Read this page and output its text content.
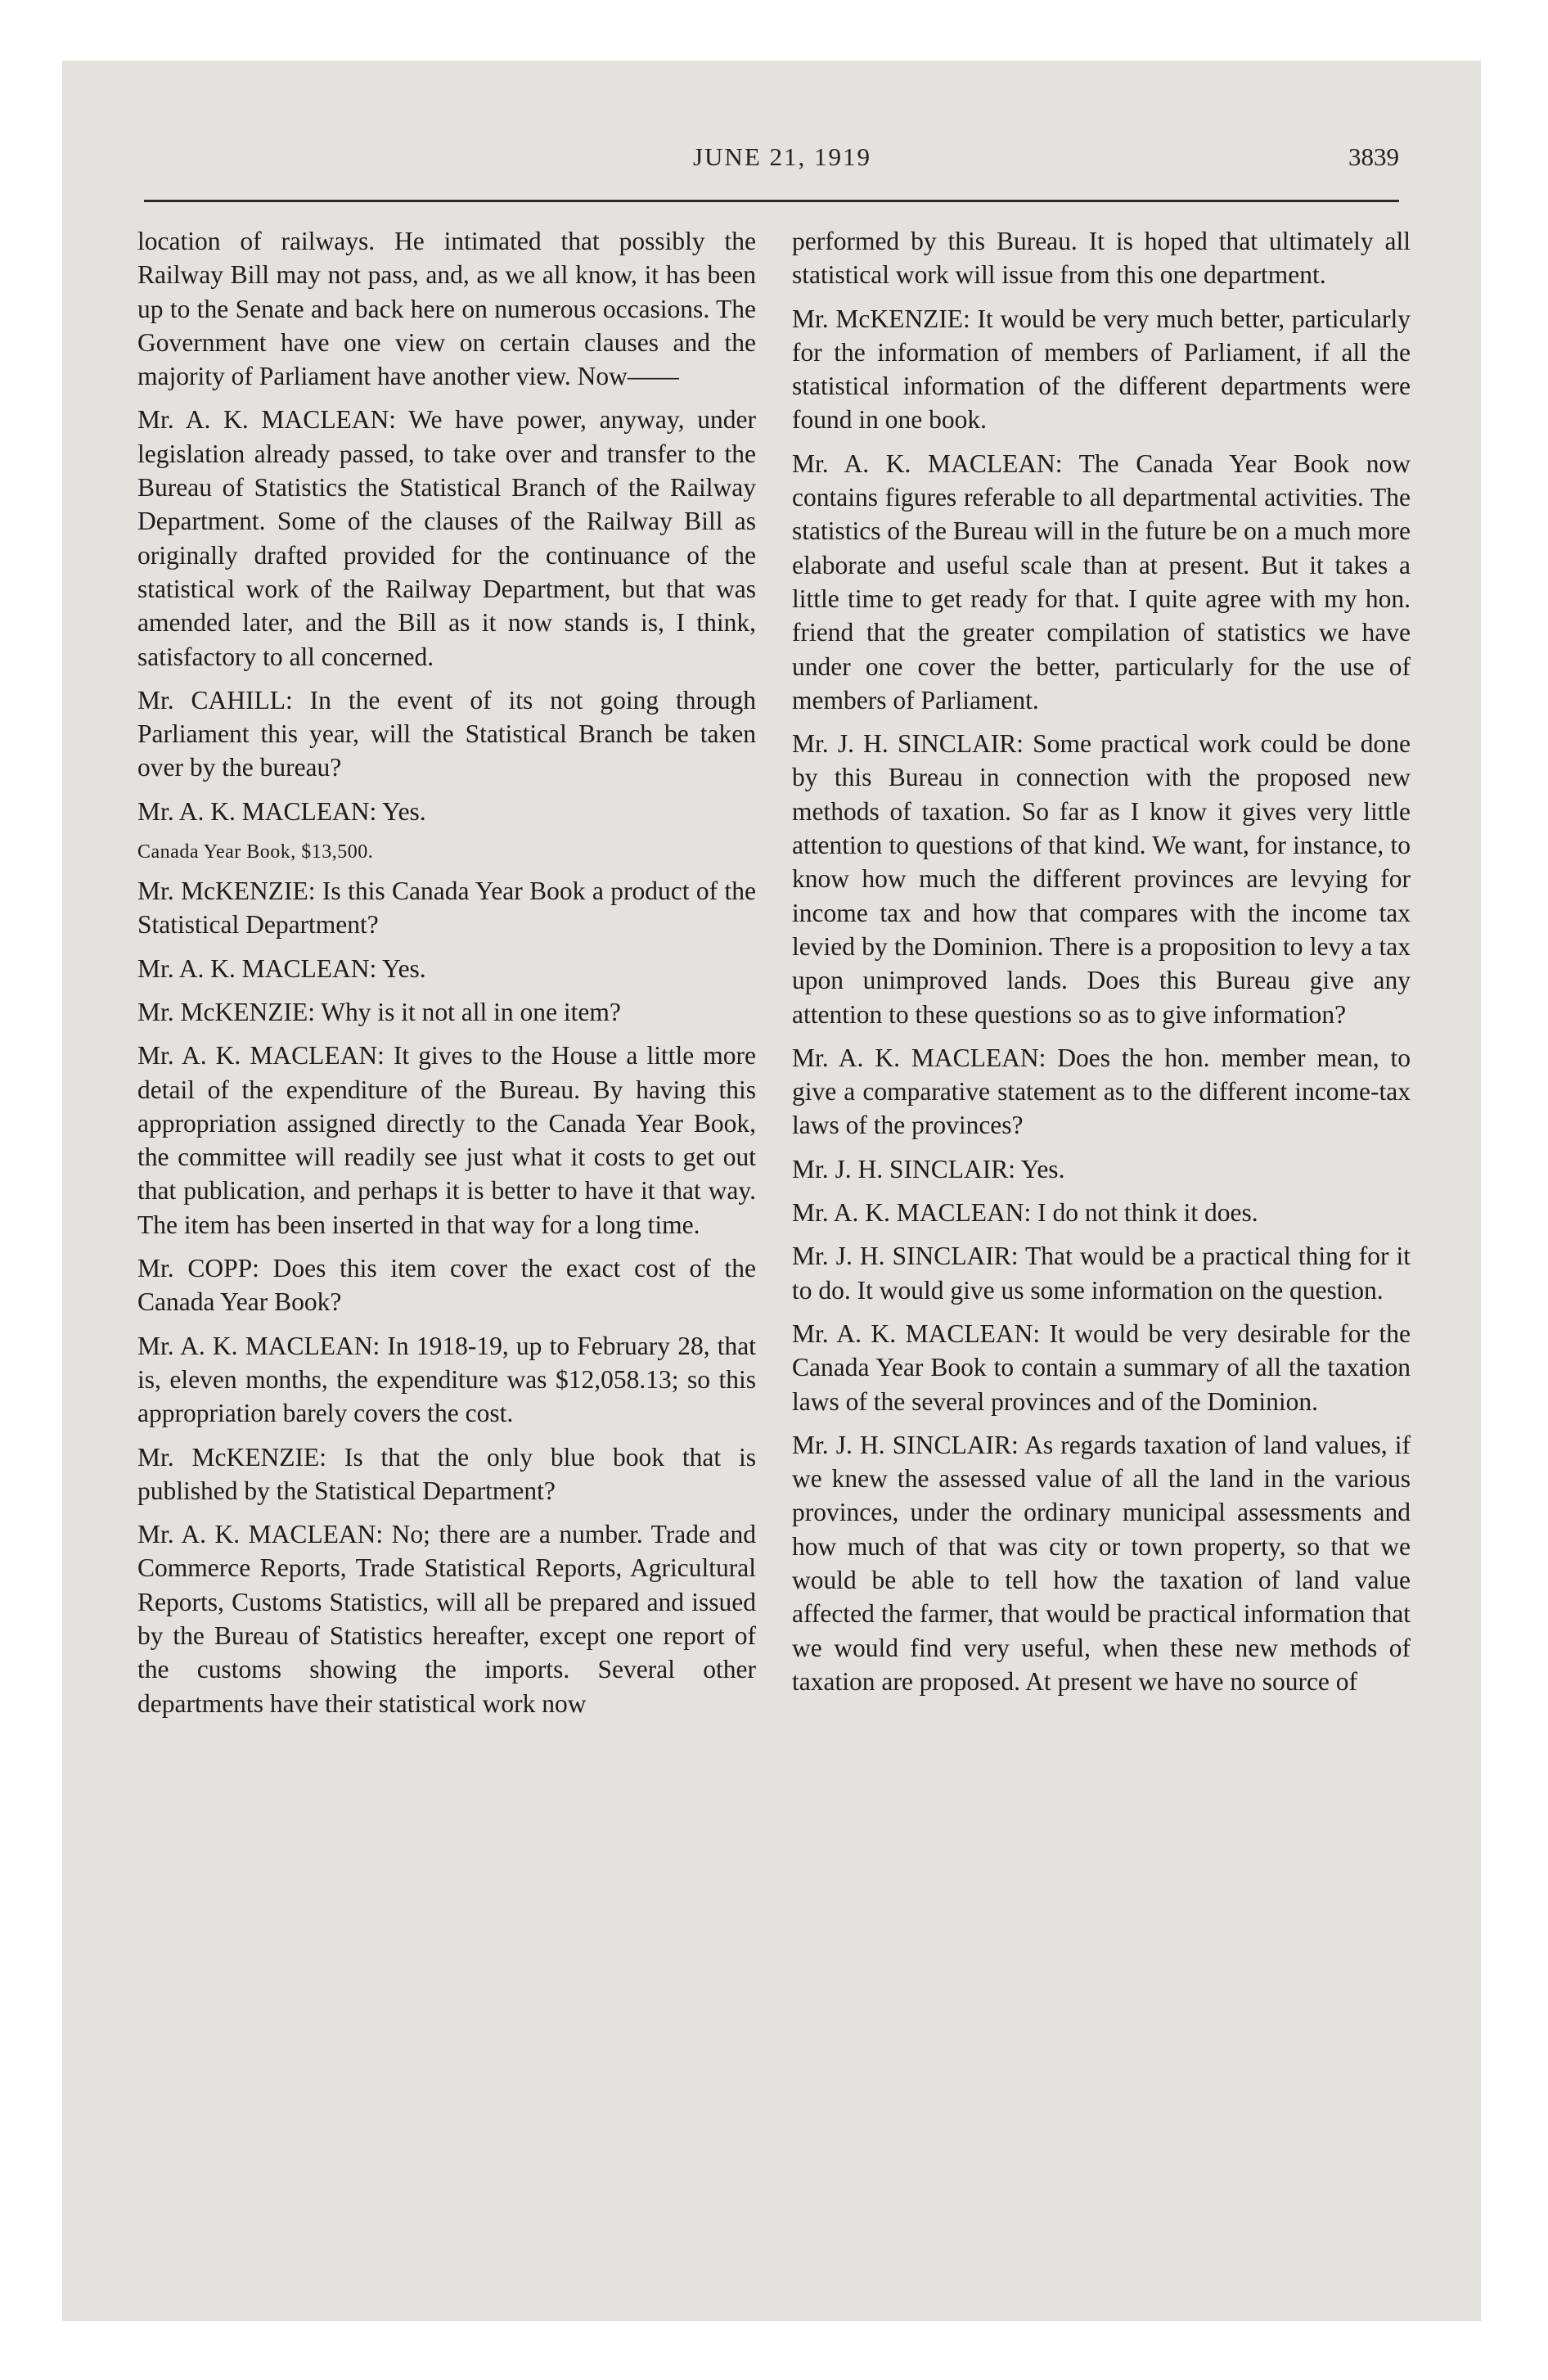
JUNE 21, 1919	3839

location of railways. He intimated that possibly the Railway Bill may not pass, and, as we all know, it has been up to the Senate and back here on numerous occasions. The Government have one view on certain clauses and the majority of Parliament have another view. Now——

Mr. A. K. MACLEAN: We have power, anyway, under legislation already passed, to take over and transfer to the Bureau of Statistics the Statistical Branch of the Railway Department. Some of the clauses of the Railway Bill as originally drafted provided for the continuance of the statistical work of the Railway Department, but that was amended later, and the Bill as it now stands is, I think, satisfactory to all concerned.

Mr. CAHILL: In the event of its not going through Parliament this year, will the Statistical Branch be taken over by the bureau?

Mr. A. K. MACLEAN: Yes.

Canada Year Book, $13,500.

Mr. McKENZIE: Is this Canada Year Book a product of the Statistical Department?

Mr. A. K. MACLEAN: Yes.

Mr. McKENZIE: Why is it not all in one item?

Mr. A. K. MACLEAN: It gives to the House a little more detail of the expenditure of the Bureau. By having this appropriation assigned directly to the Canada Year Book, the committee will readily see just what it costs to get out that publication, and perhaps it is better to have it that way. The item has been inserted in that way for a long time.

Mr. COPP: Does this item cover the exact cost of the Canada Year Book?

Mr. A. K. MACLEAN: In 1918-19, up to February 28, that is, eleven months, the expenditure was $12,058.13; so this appropriation barely covers the cost.

Mr. McKENZIE: Is that the only blue book that is published by the Statistical Department?

Mr. A. K. MACLEAN: No; there are a number. Trade and Commerce Reports, Trade Statistical Reports, Agricultural Reports, Customs Statistics, will all be prepared and issued by the Bureau of Statistics hereafter, except one report of the customs showing the imports. Several other departments have their statistical work now

performed by this Bureau. It is hoped that ultimately all statistical work will issue from this one department.

Mr. McKENZIE: It would be very much better, particularly for the information of members of Parliament, if all the statistical information of the different departments were found in one book.

Mr. A. K. MACLEAN: The Canada Year Book now contains figures referable to all departmental activities. The statistics of the Bureau will in the future be on a much more elaborate and useful scale than at present. But it takes a little time to get ready for that. I quite agree with my hon. friend that the greater compilation of statistics we have under one cover the better, particularly for the use of members of Parliament.

Mr. J. H. SINCLAIR: Some practical work could be done by this Bureau in connection with the proposed new methods of taxation. So far as I know it gives very little attention to questions of that kind. We want, for instance, to know how much the different provinces are levying for income tax and how that compares with the income tax levied by the Dominion. There is a proposition to levy a tax upon unimproved lands. Does this Bureau give any attention to these questions so as to give information?

Mr. A. K. MACLEAN: Does the hon. member mean, to give a comparative statement as to the different income-tax laws of the provinces?

Mr. J. H. SINCLAIR: Yes.

Mr. A. K. MACLEAN: I do not think it does.

Mr. J. H. SINCLAIR: That would be a practical thing for it to do. It would give us some information on the question.

Mr. A. K. MACLEAN: It would be very desirable for the Canada Year Book to contain a summary of all the taxation laws of the several provinces and of the Dominion.

Mr. J. H. SINCLAIR: As regards taxation of land values, if we knew the assessed value of all the land in the various provinces, under the ordinary municipal assessments and how much of that was city or town property, so that we would be able to tell how the taxation of land value affected the farmer, that would be practical information that we would find very useful, when these new methods of taxation are proposed. At present we have no source of
